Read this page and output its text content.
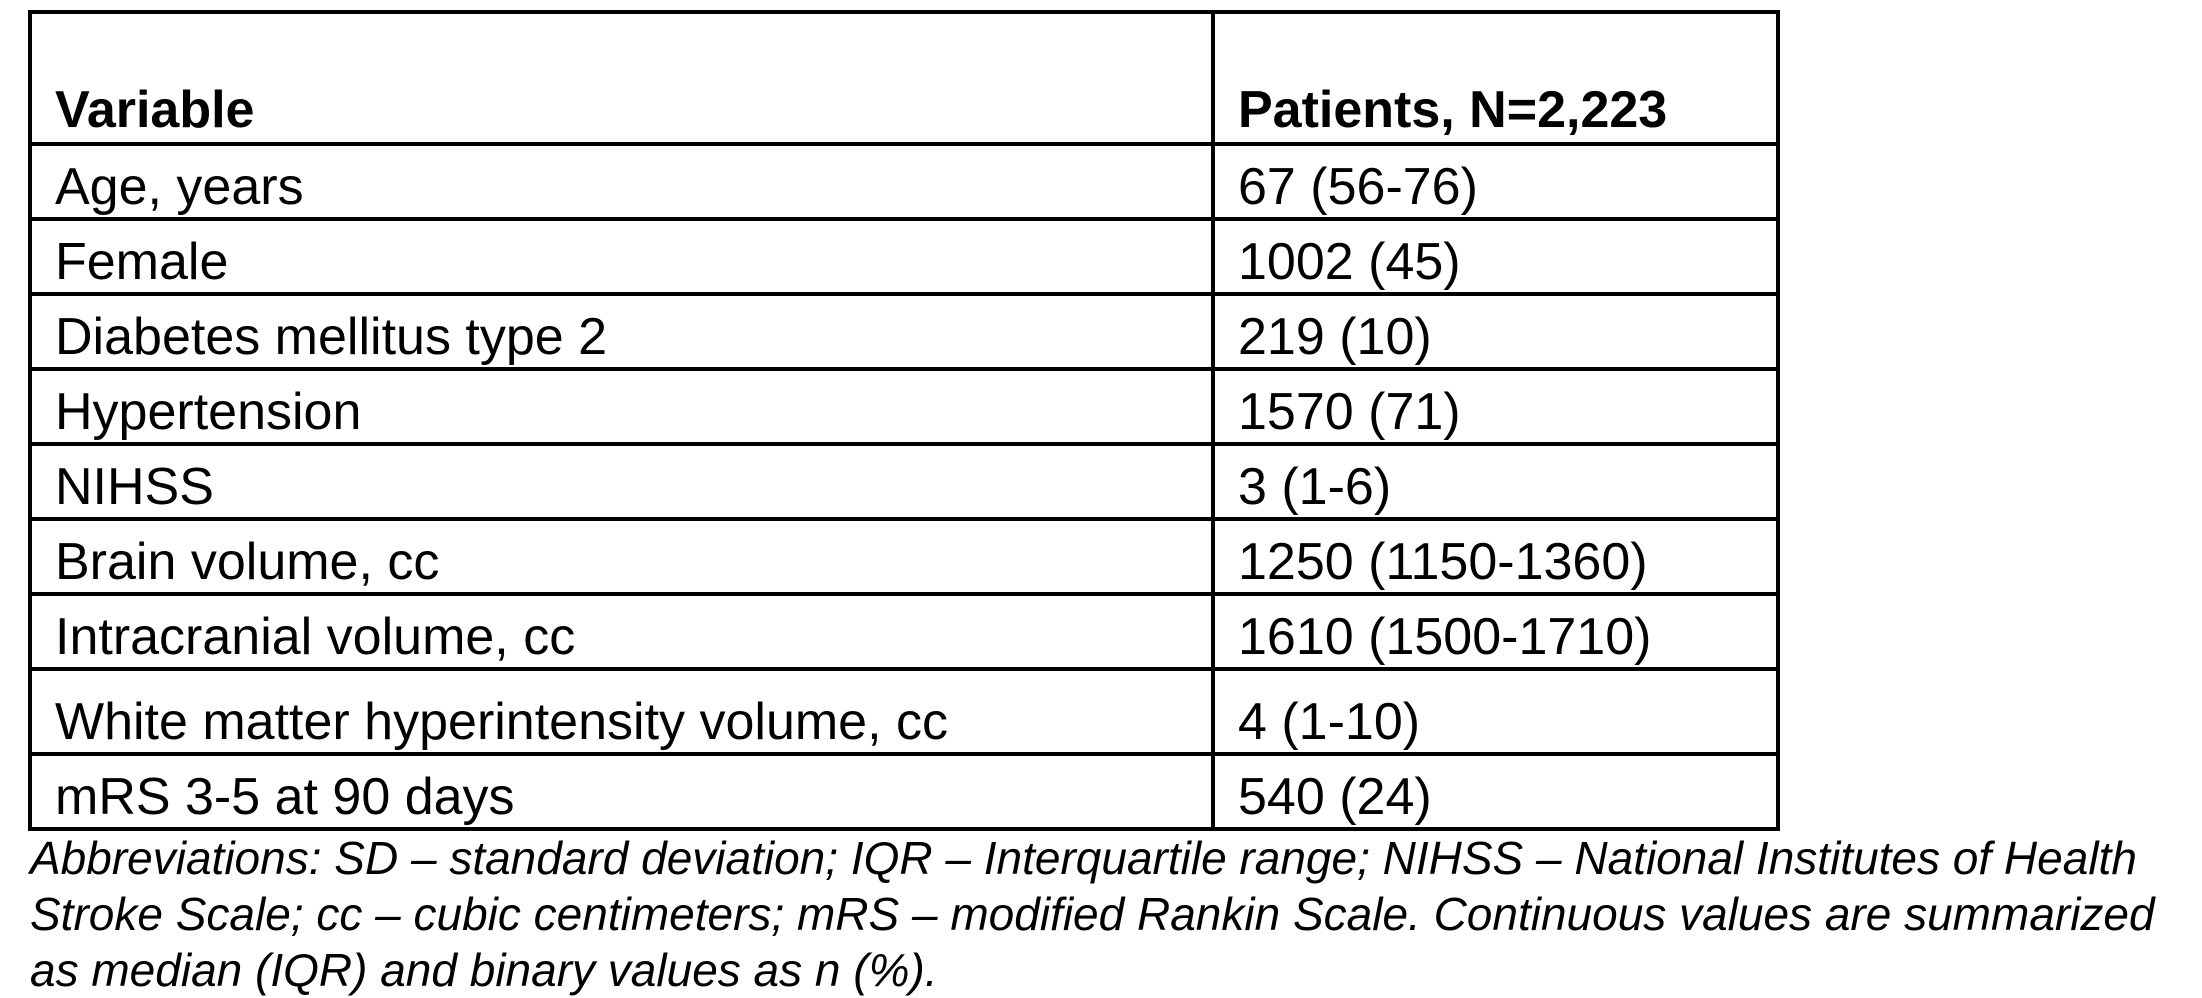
Variable	Patients, N=2,223
Age, years	67 (56-76)
Female	1002 (45)
Diabetes mellitus type 2	219 (10)
Hypertension	1570 (71)
NIHSS	3 (1-6)
Brain volume, cc	1250 (1150-1360)
Intracranial volume, cc	1610 (1500-1710)
White matter hyperintensity volume, cc	4 (1-10)
mRS 3-5 at 90 days	540 (24)

Abbreviations: SD – standard deviation; IQR – Interquartile range; NIHSS – National Institutes of Health Stroke Scale; cc – cubic centimeters; mRS – modified Rankin Scale. Continuous values are summarized as median (IQR) and binary values as n (%).
